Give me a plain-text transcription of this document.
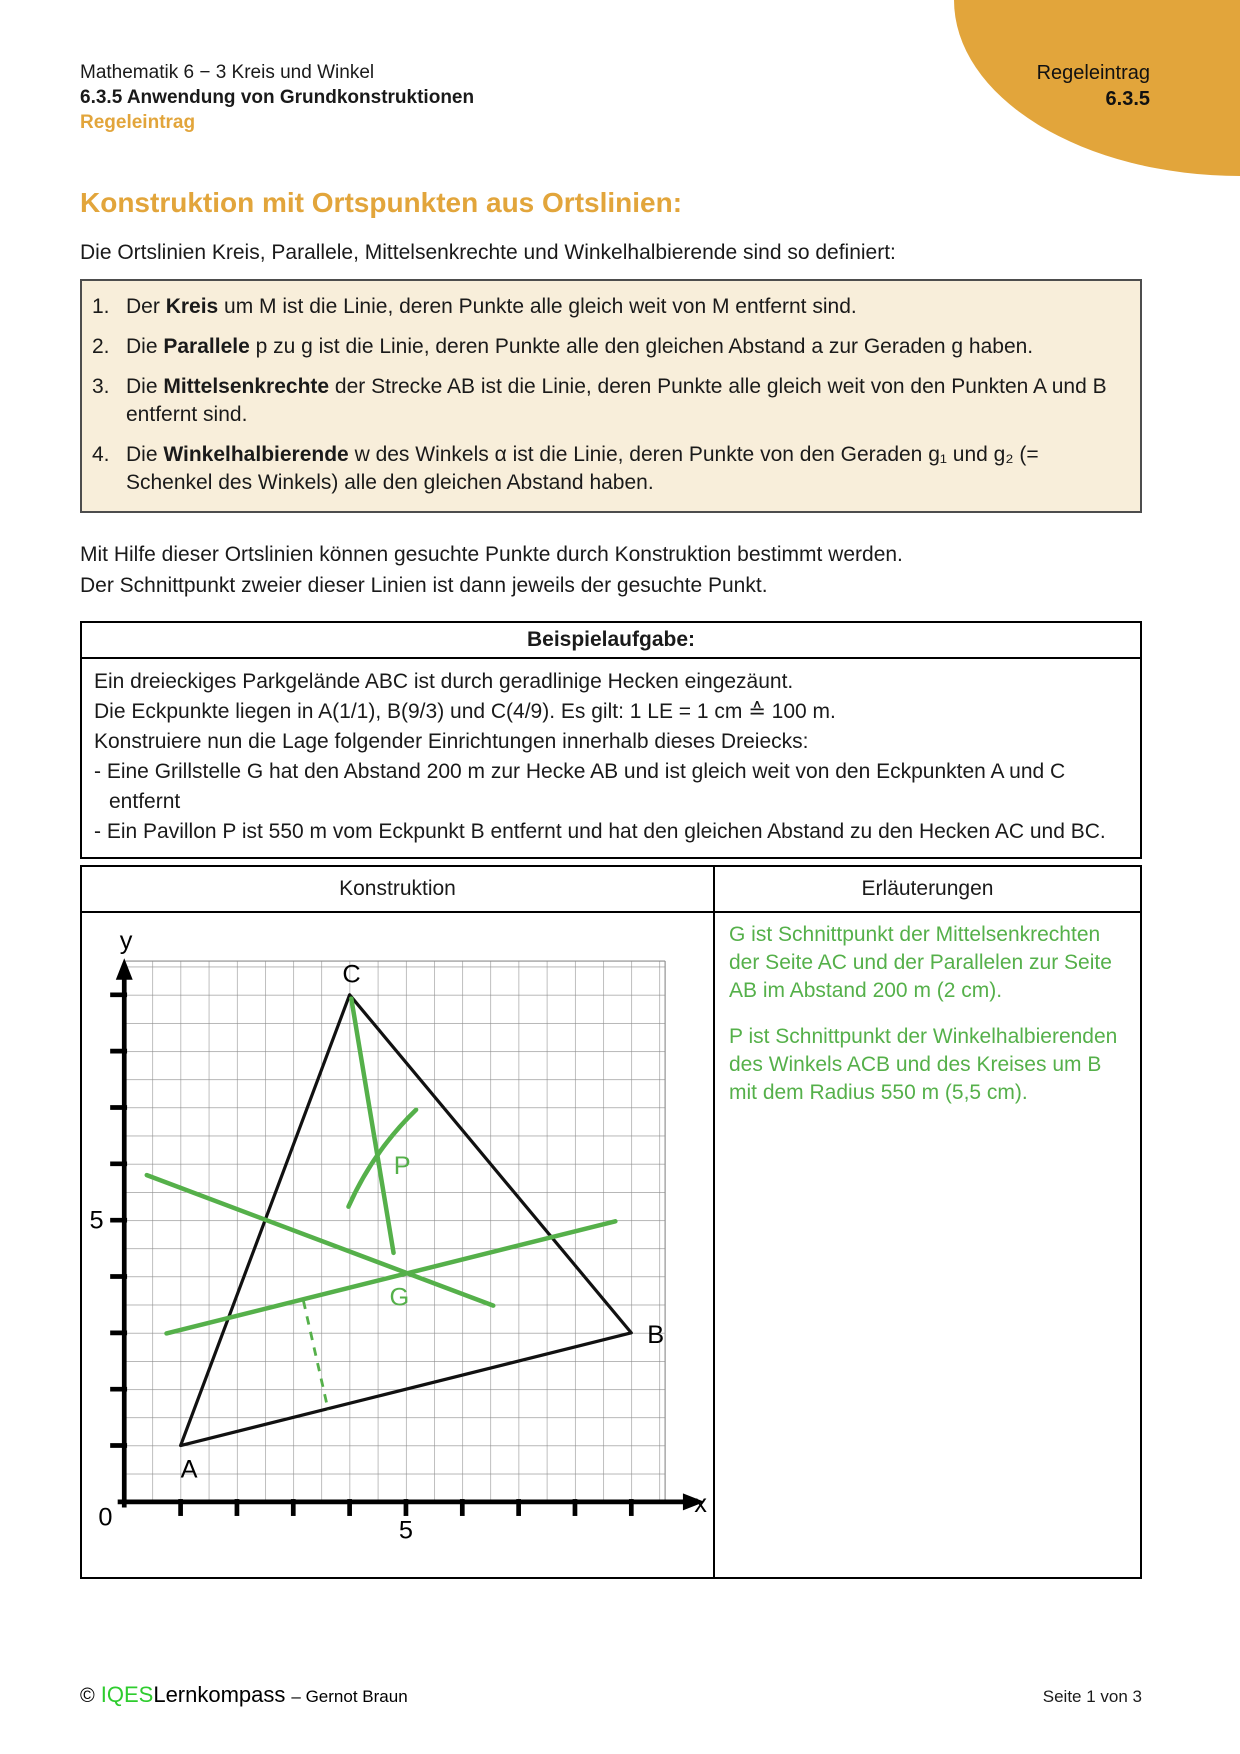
Regeleintrag
6.3.5
Mathematik 6 − 3 Kreis und Winkel
6.3.5 Anwendung von Grundkonstruktionen
Regeleintrag
Konstruktion mit Ortspunkten aus Ortslinien:
Die Ortslinien Kreis, Parallele, Mittelsenkrechte und Winkelhalbierende sind so definiert:
1. Der Kreis um M ist die Linie, deren Punkte alle gleich weit von M entfernt sind.
2. Die Parallele p zu g ist die Linie, deren Punkte alle den gleichen Abstand a zur Geraden g haben.
3. Die Mittelsenkrechte der Strecke AB ist die Linie, deren Punkte alle gleich weit von den Punkten A und B entfernt sind.
4. Die Winkelhalbierende w des Winkels α ist die Linie, deren Punkte von den Geraden g₁ und g₂ (= Schenkel des Winkels) alle den gleichen Abstand haben.
Mit Hilfe dieser Ortslinien können gesuchte Punkte durch Konstruktion bestimmt werden.
Der Schnittpunkt zweier dieser Linien ist dann jeweils der gesuchte Punkt.
Beispielaufgabe:

Ein dreieckiges Parkgelände ABC ist durch geradlinige Hecken eingezäunt.
Die Eckpunkte liegen in A(1/1), B(9/3) und C(4/9). Es gilt: 1 LE = 1 cm ≙ 100 m.
Konstruiere nun die Lage folgender Einrichtungen innerhalb dieses Dreiecks:
- Eine Grillstelle G hat den Abstand 200 m zur Hecke AB und ist gleich weit von den Eckpunkten A und C entfernt
- Ein Pavillon P ist 550 m vom Eckpunkt B entfernt und hat den gleichen Abstand zu den Hecken AC und BC.
Konstruktion	Erläuterungen

y
x
0
5
5
A
B
C
P
G

G ist Schnittpunkt der Mittelsenkrechten der Seite AC und der Parallelen zur Seite AB im Abstand 200 m (2 cm).

P ist Schnittpunkt der Winkelhalbierenden des Winkels ACB und des Kreises um B mit dem Radius 550 m (5,5 cm).

© IQESLernkompass – Gernot Braun	Seite 1 von 3
